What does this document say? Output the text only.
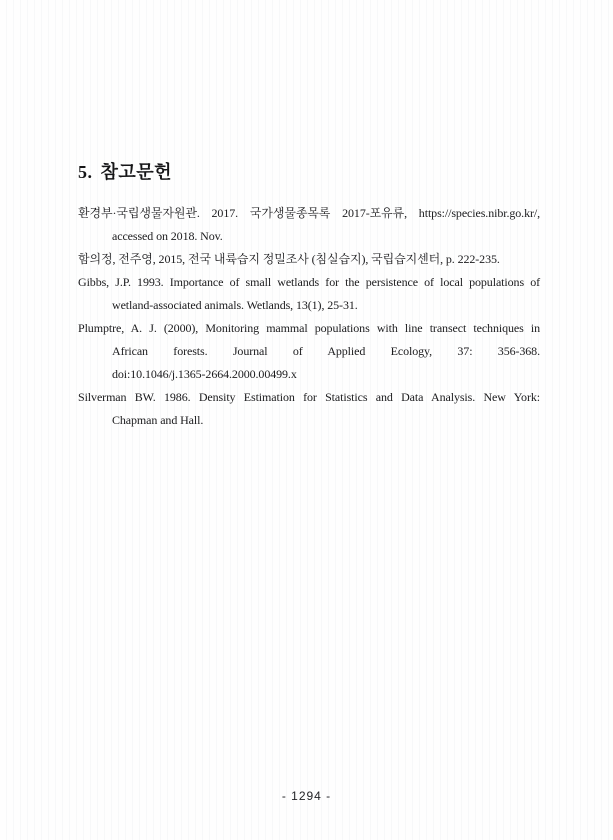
5. 참고문헌

환경부·국립생물자원관. 2017. 국가생물종목록 2017-포유류, https://species.nibr.go.kr/,
accessed on 2018. Nov.

함의정, 전주영, 2015, 전국 내륙습지 정밀조사 (침실습지), 국립습지센터, p. 222-235.

Gibbs, J.P. 1993. Importance of small wetlands for the persistence of local populations of
wetland-associated animals. Wetlands, 13(1), 25-31.

Plumptre, A. J. (2000), Monitoring mammal populations with line transect techniques in
African forests. Journal of Applied Ecology, 37: 356-368.
doi:10.1046/j.1365-2664.2000.00499.x

Silverman BW. 1986. Density Estimation for Statistics and Data Analysis. New York:
Chapman and Hall.

- 1294 -
